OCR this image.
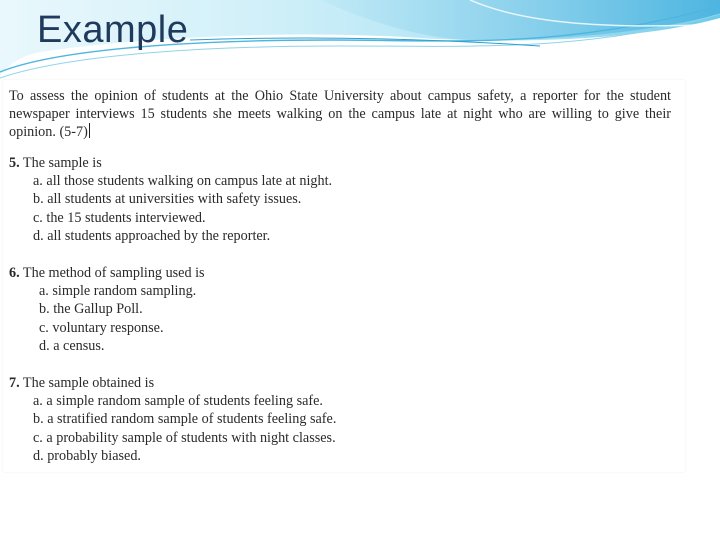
Example

To assess the opinion of students at the Ohio State University about campus safety, a reporter for the student newspaper interviews 15 students she meets walking on the campus late at night who are willing to give their opinion. (5-7)

5. The sample is

a. all those students walking on campus late at night.
b. all students at universities with safety issues.
c. the 15 students interviewed.
d. all students approached by the reporter.

6. The method of sampling used is

a. simple random sampling.
b. the Gallup Poll.
c. voluntary response.
d. a census.

7. The sample obtained is

a. a simple random sample of students feeling safe.
b. a stratified random sample of students feeling safe.
c. a probability sample of students with night classes.
d. probably biased.
